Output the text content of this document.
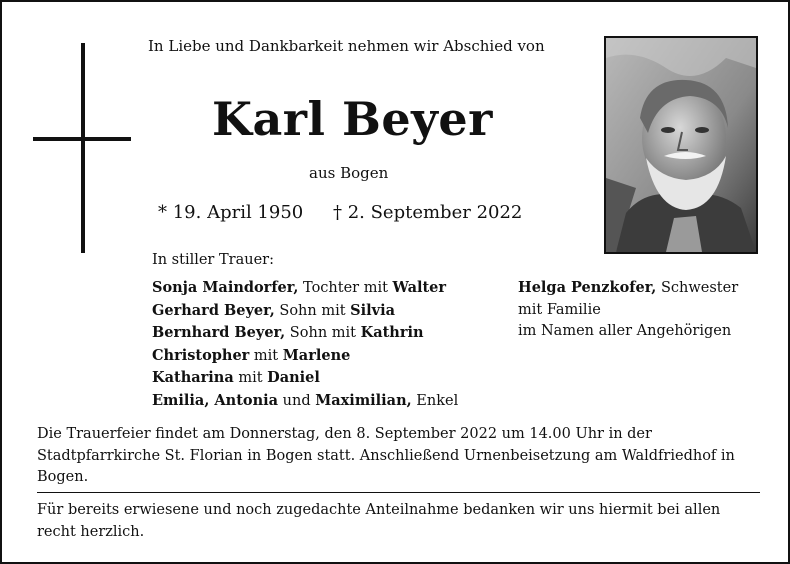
In Liebe und Dankbarkeit nehmen wir Abschied von
Karl Beyer
aus Bogen
* 19. April 1950 † 2. September 2022
In stiller Trauer:
Sonja Maindorfer, Tochter mit Walter
Gerhard Beyer, Sohn mit Silvia
Bernhard Beyer, Sohn mit Kathrin
Christopher mit Marlene
Katharina mit Daniel
Emilia, Antonia und Maximilian, Enkel
Helga Penzkofer, Schwester
mit Familie
im Namen aller Angehörigen
Die Trauerfeier findet am Donnerstag, den 8. September 2022 um 14.00 Uhr in der Stadtpfarrkirche St. Florian in Bogen statt. Anschließend Urnenbeisetzung am Waldfriedhof in Bogen.
Für bereits erwiesene und noch zugedachte Anteilnahme bedanken wir uns hiermit bei allen recht herzlich.
